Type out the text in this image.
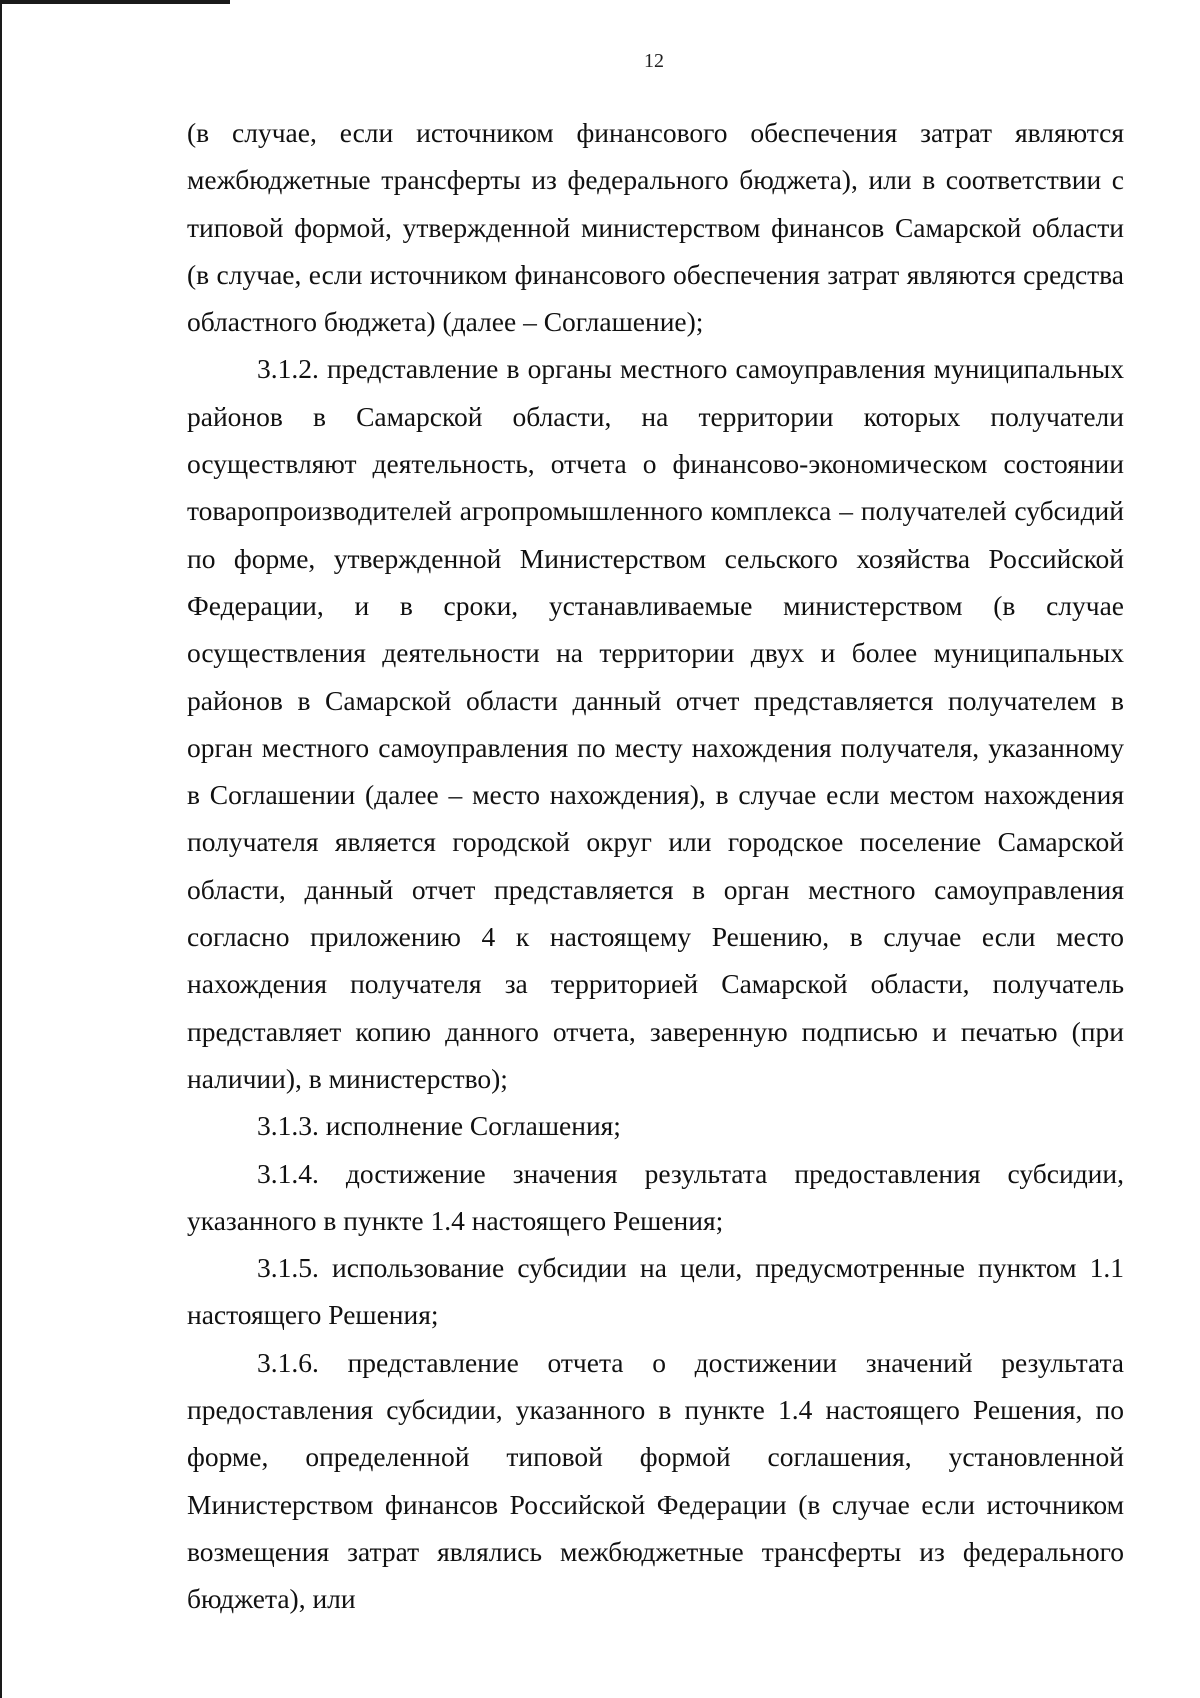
12

(в случае, если источником финансового обеспечения затрат являются межбюджетные трансферты из федерального бюджета), или в соответствии с типовой формой, утвержденной министерством финансов Самарской области (в случае, если источником финансового обеспечения затрат являются средства областного бюджета) (далее – Соглашение);

3.1.2. представление в органы местного самоуправления муниципальных районов в Самарской области, на территории которых получатели осуществляют деятельность, отчета о финансово-экономическом состоянии товаропроизводителей агропромышленного комплекса – получателей субсидий по форме, утвержденной Министерством сельского хозяйства Российской Федерации, и в сроки, устанавливаемые министерством (в случае осуществления деятельности на территории двух и более муниципальных районов в Самарской области данный отчет представляется получателем в орган местного самоуправления по месту нахождения получателя, указанному в Соглашении (далее – место нахождения), в случае если местом нахождения получателя является городской округ или городское поселение Самарской области, данный отчет представляется в орган местного самоуправления согласно приложению 4 к настоящему Решению, в случае если место нахождения получателя за территорией Самарской области, получатель представляет копию данного отчета, заверенную подписью и печатью (при наличии), в министерство);

3.1.3. исполнение Соглашения;

3.1.4. достижение значения результата предоставления субсидии, указанного в пункте 1.4 настоящего Решения;

3.1.5. использование субсидии на цели, предусмотренные пунктом 1.1 настоящего Решения;

3.1.6. представление отчета о достижении значений результата предоставления субсидии, указанного в пункте 1.4 настоящего Решения, по форме, определенной типовой формой соглашения, установленной Министерством финансов Российской Федерации (в случае если источником возмещения затрат являлись межбюджетные трансферты из федерального бюджета), или
